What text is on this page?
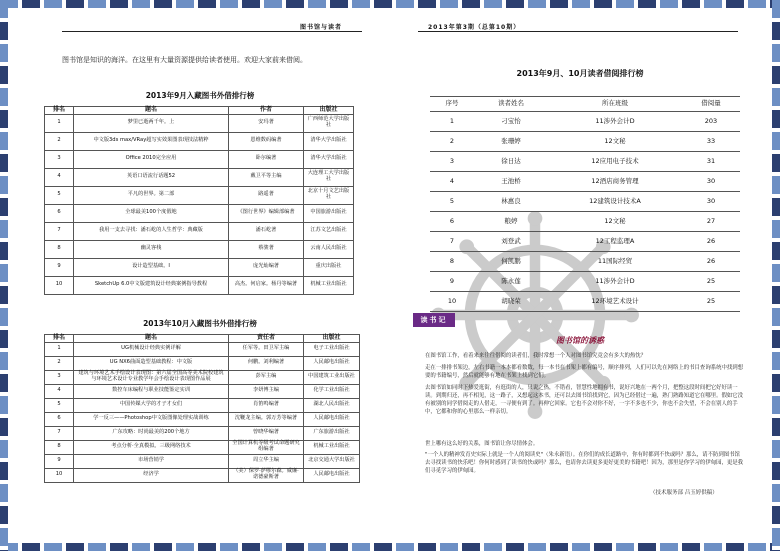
图书馆与读者
图书馆是知识的海洋。在这里有大量资源提供给读者使用。欢迎大家前来借阅。
2013年9月入藏图书外借排行榜
排名	题名	作者	出版社
1	梦里已逝两千年。上	安玛著	广西师范大学出版社
2	中文版3ds max/VRay超写实效果图表现技法精粹	恩维数码编著	清华大学出版社
3	Office 2010完全应用	卧尔编著	清华大学出版社
4	英语口语流行话题52	戴卫平等主编	大连理工大学出版社
5	平凡的世界。第二部	路遥著	北京十月文艺出版社
6	全球最美100个度假地	《图行世界》编辑部编著	中国旅游出版社
7	我用一支去寻找：潘石屹的人生哲学：典藏版	潘石屹著	江苏文艺出版社
8	幽灵客栈	蔡骏著	云南人民出版社
9	设计造型基础。I	庞光灿编著	重庆出版社
10	SketchUp 6.0中文版建筑设计经典案例指导教程	高杰。何启家。杨丹等编著	机械工业出版社
2013年10月入藏图书外借排行榜
排名	题名	责任者	出版社
1	UG机械设计经典实例详解	任军等。田卫军主编	电子工业出版社
2	UG NX6曲面造型基础教程：中文版	何鹏。刘利编著	人民邮电出版社
3	建筑与环境艺术手绘设计表现图：第六届全国高等美术院校建筑与环境艺术设计专业教学年会手绘设计表现图作品展	彭军主编	中国建筑工业出版社
4	数控车床编程与职业技能鉴定实训	李妍博主编	化学工业出版社
5	中国传媒大学的才子才女们	肖笛鸣编著	湖北人民出版社
6	学一反三——Photoshop中文版图像处理实战训练	沈鞭龙主编。郭万芳等编著	人民邮电出版社
7	广东攻略：时尚最美的200个地方	曾晓华编著	广东旅游出版社
8	考点分析·全真模拟。三级网络技术	全国计算机等级考试命题研究组编著	机械工业出版社
9	市场营销学	周立华主编	北京交通大学出版社
10	经济学	（美）保罗·萨缪尔森。威廉·诺德豪斯著	人民邮电出版社
2013年第3期（总第10期）
2013年9月、10月读者借阅排行榜
序号	读者姓名	所在班级	借阅量
1	刁宝怡	11涉外会计D	203
2	张珊婷	12文秘	33
3	徐日达	12应用电子技术	31
4	王池桥	12酒店商务管理	30
5	林惠良	12建筑设计技术A	30
6	粮婷	12文秘	27
7	刘登武	12工程监理A	26
8	何凯鹏	11国际经贸	26
9	陈永莲	11涉外会计D	25
10	胡晓荣	12环境艺术设计	25
读书记
图书馆的诱惑
在图书馆工作，看着来来往往借阅的读者们，我时常想一个人对图书馆究竟会有多大的热忱？
走在一排排书架边，左右书籍一本本都看数数，每一本书在书架上都有编号，顺序排列，人们可以先在网络上的书目查询系统中找到想要的书籍编号，然后就能够有地在书架上找到它们。
去图书馆如同时下热爱逛街，有逛街的人，只说之热，不错看，智慧性地拥有书，说好兴地在一两个月，把整这段时间把它好好读一读。到期归还，再不相见，这一路子，又想起这本书，还可以去图书馆找到它，因为已经借过一遍，熟门熟路知道它在哪里。假如它没有被别的同学借阅走的人借走，一寻便有到了。再伸它回家。它也不会对你不好，一字不多也不少，你也不会失望，不会在别人的手中，它都和你的心里那么一样亲切。
世上哪有这么好的关系，图书馆让你尽情体会。
"一个人的精神发育史实际上就是一个人的阅读史"（朱永新语）。在你们的成长道路中，你有时都到不快或吗？那么，请不防到图书馆去寻找读书的快乐吧！你何时感到了读书的快或吗？那么，也请你去读更多更好更美的书籍吧！因为，那里是你学习的伊甸园，更是我们寻觅学习的伊甸园。
（技术服务部 吕玉婷供稿）
